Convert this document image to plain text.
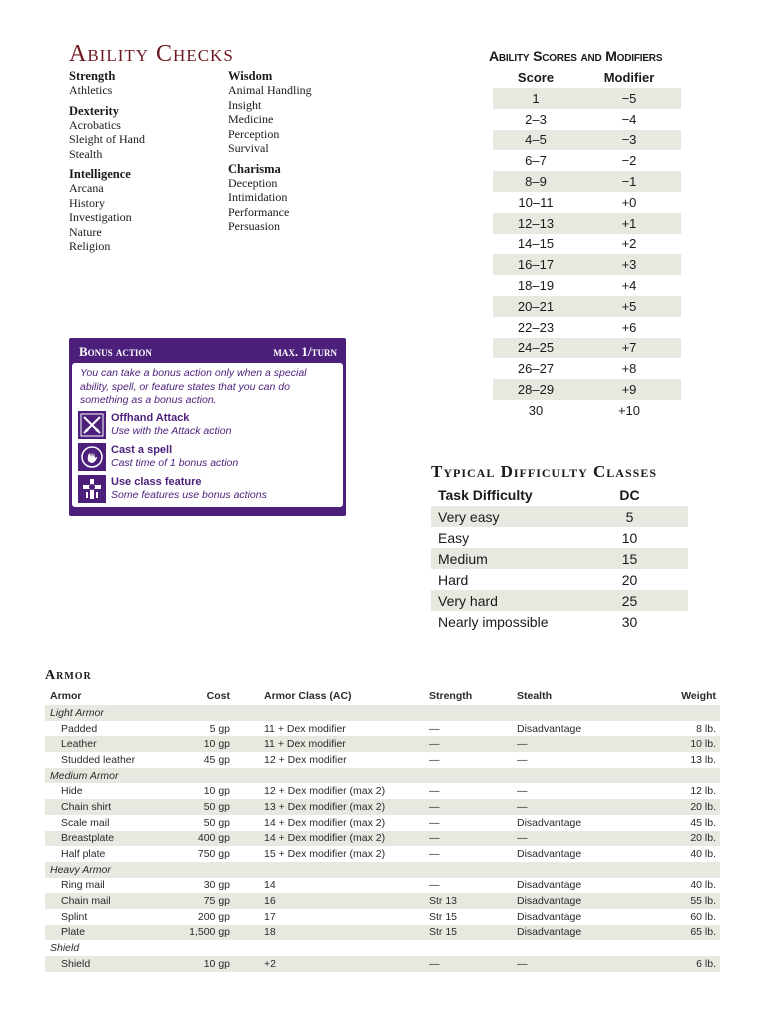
Ability Checks
Strength
Athletics
Dexterity
Acrobatics
Sleight of Hand
Stealth
Intelligence
Arcana
History
Investigation
Nature
Religion
Wisdom
Animal Handling
Insight
Medicine
Perception
Survival
Charisma
Deception
Intimidation
Performance
Persuasion
Ability Scores and Modifiers
Score	Modifier
1	−5
2–3	−4
4–5	−3
6–7	−2
8–9	−1
10–11	+0
12–13	+1
14–15	+2
16–17	+3
18–19	+4
20–21	+5
22–23	+6
24–25	+7
26–27	+8
28–29	+9
30	+10
Bonus action	max. 1/turn
You can take a bonus action only when a special ability, spell, or feature states that you can do something as a bonus action.
Offhand Attack
Use with the Attack action
Cast a spell
Cast time of 1 bonus action
Use class feature
Some features use bonus actions
Typical Difficulty Classes
Task Difficulty	DC
Very easy	5
Easy	10
Medium	15
Hard	20
Very hard	25
Nearly impossible	30
Armor
Armor	Cost	Armor Class (AC)	Strength	Stealth	Weight
Light Armor
Padded	5 gp	11 + Dex modifier	—	Disadvantage	8 lb.
Leather	10 gp	11 + Dex modifier	—	—	10 lb.
Studded leather	45 gp	12 + Dex modifier	—	—	13 lb.
Medium Armor
Hide	10 gp	12 + Dex modifier (max 2)	—	—	12 lb.
Chain shirt	50 gp	13 + Dex modifier (max 2)	—	—	20 lb.
Scale mail	50 gp	14 + Dex modifier (max 2)	—	Disadvantage	45 lb.
Breastplate	400 gp	14 + Dex modifier (max 2)	—	—	20 lb.
Half plate	750 gp	15 + Dex modifier (max 2)	—	Disadvantage	40 lb.
Heavy Armor
Ring mail	30 gp	14	—	Disadvantage	40 lb.
Chain mail	75 gp	16	Str 13	Disadvantage	55 lb.
Splint	200 gp	17	Str 15	Disadvantage	60 lb.
Plate	1,500 gp	18	Str 15	Disadvantage	65 lb.
Shield
Shield	10 gp	+2	—	—	6 lb.
